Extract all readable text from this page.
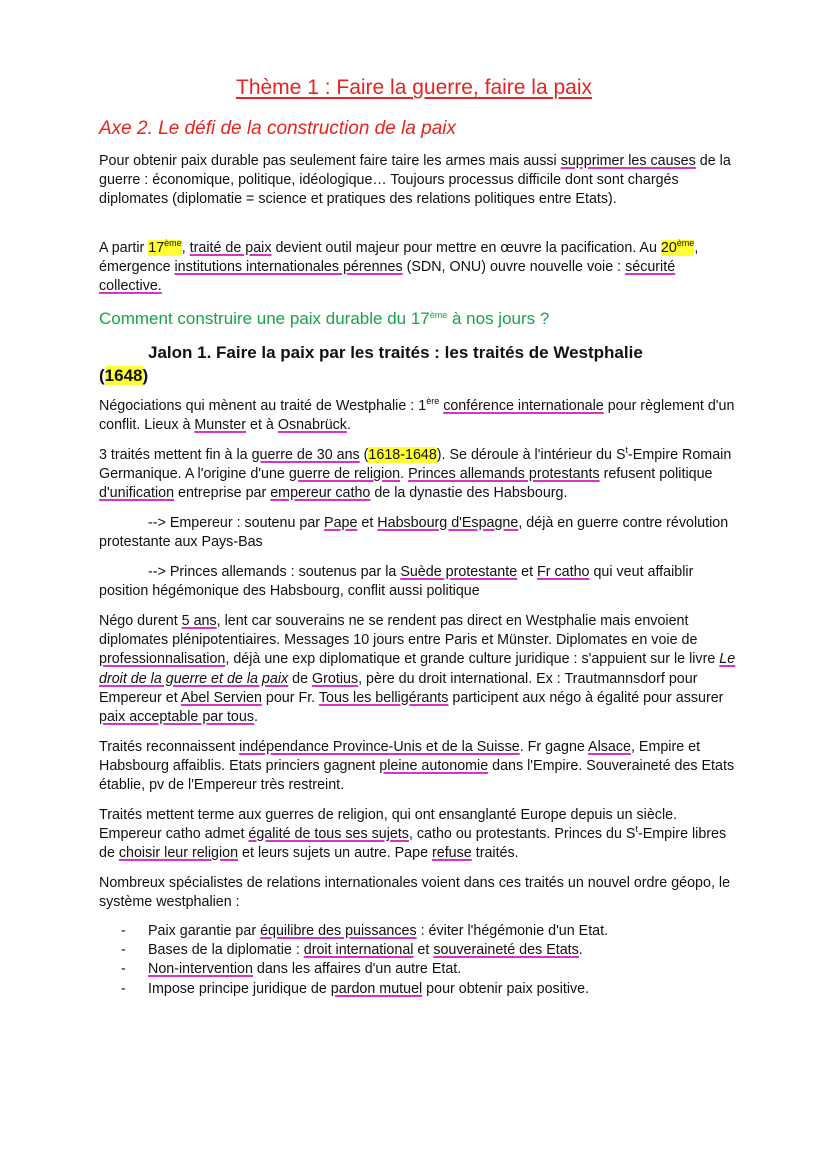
Thème 1 : Faire la guerre, faire la paix
Axe 2. Le défi de la construction de la paix
Pour obtenir paix durable pas seulement faire taire les armes mais aussi supprimer les causes de la guerre : économique, politique, idéologique… Toujours processus difficile dont sont chargés diplomates (diplomatie = science et pratiques des relations politiques entre Etats).
A partir 17ème, traité de paix devient outil majeur pour mettre en œuvre la pacification. Au 20ème, émergence institutions internationales pérennes (SDN, ONU) ouvre nouvelle voie : sécurité collective.
Comment construire une paix durable du 17ème à nos jours ?
Jalon 1. Faire la paix par les traités : les traités de Westphalie
(1648)
Négociations qui mènent au traité de Westphalie : 1ère conférence internationale pour règlement d'un conflit. Lieux à Munster et à Osnabrück.
3 traités mettent fin à la guerre de 30 ans (1618-1648). Se déroule à l'intérieur du $S^t$-Empire Romain Germanique. A l'origine d'une guerre de religion. Princes allemands protestants refusent politique d'unification entreprise par empereur catho de la dynastie des Habsbourg.
--> Empereur : soutenu par Pape et Habsbourg d'Espagne, déjà en guerre contre révolution protestante aux Pays-Bas
--> Princes allemands : soutenus par la Suède protestante et Fr catho qui veut affaiblir position hégémonique des Habsbourg, conflit aussi politique
Négo durent 5 ans, lent car souverains ne se rendent pas direct en Westphalie mais envoient diplomates plénipotentiaires. Messages 10 jours entre Paris et Münster. Diplomates en voie de professionnalisation, déjà une exp diplomatique et grande culture juridique : s'appuient sur le livre Le droit de la guerre et de la paix de Grotius, père du droit international. Ex : Trautmannsdorf pour Empereur et Abel Servien pour Fr. Tous les belligérants participent aux négo à égalité pour assurer paix acceptable par tous.
Traités reconnaissent indépendance Province-Unis et de la Suisse. Fr gagne Alsace, Empire et Habsbourg affaiblis. Etats princiers gagnent pleine autonomie dans l'Empire. Souveraineté des Etats établie, pv de l'Empereur très restreint.
Traités mettent terme aux guerres de religion, qui ont ensanglanté Europe depuis un siècle. Empereur catho admet égalité de tous ses sujets, catho ou protestants. Princes du $S^t$-Empire libres de choisir leur religion et leurs sujets un autre. Pape refuse traités.
Nombreux spécialistes de relations internationales voient dans ces traités un nouvel ordre géopo, le système westphalien :
- Paix garantie par équilibre des puissances : éviter l'hégémonie d'un Etat.
- Bases de la diplomatie : droit international et souveraineté des Etats.
- Non-intervention dans les affaires d'un autre Etat.
- Impose principe juridique de pardon mutuel pour obtenir paix positive.
